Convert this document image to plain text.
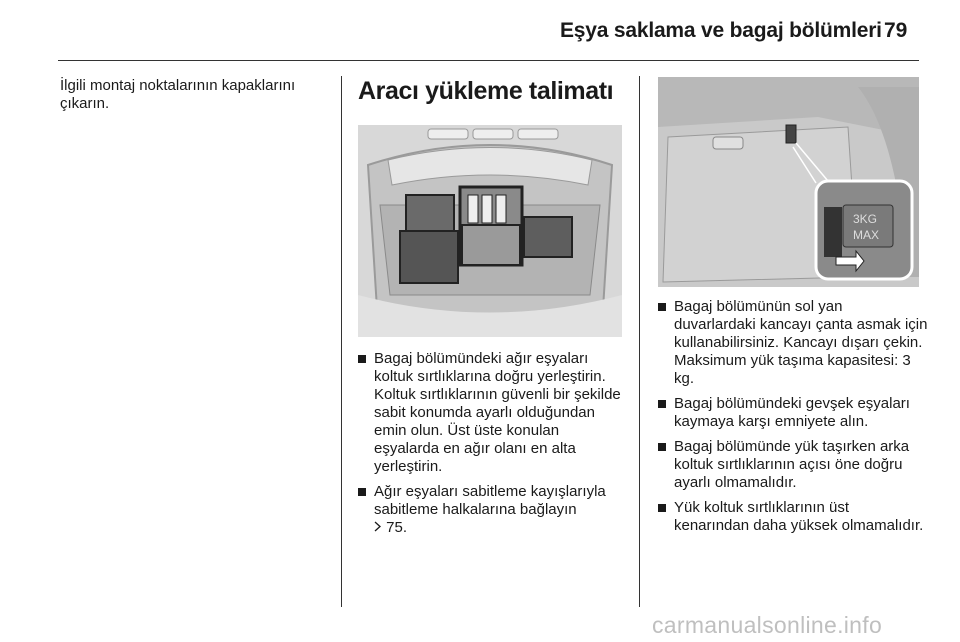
Eşya saklama ve bagaj bölümleri 79
İlgili montaj noktalarının kapaklarını çıkarın.	Aracı yükleme talimatı
Bagaj bölümündeki ağır eşyaları koltuk sırtlıklarına doğru yerleştirin. Koltuk sırtlıklarının güvenli bir şekilde sabit konumda ayarlı olduğundan emin olun. Üst üste konulan eşyalarda en ağır olanı en alta yerleştirin.
Ağır eşyaları sabitleme kayışlarıyla sabitleme halkalarına bağlayın
75.
3KG
MAX
Bagaj bölümünün sol yan duvarlardaki kancayı çanta asmak için kullanabilirsiniz. Kancayı dışarı çekin. Maksimum yük taşıma kapasitesi: 3 kg.
Bagaj bölümündeki gevşek eşyaları kaymaya karşı emniyete alın.
Bagaj bölümünde yük taşırken arka koltuk sırtlıklarının açısı öne doğru ayarlı olmamalıdır.
Yük koltuk sırtlıklarının üst kenarından daha yüksek olmamalıdır.
carmanualsonline.info
